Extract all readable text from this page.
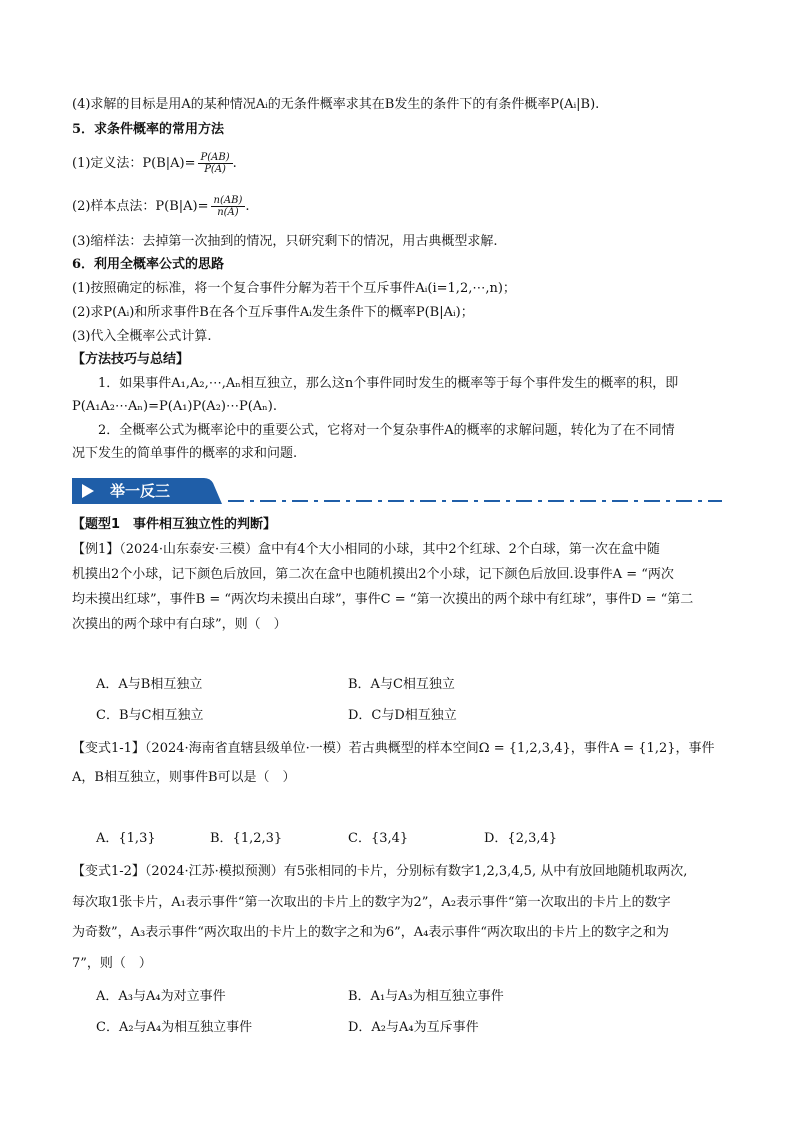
(4)求解的目标是用A的某种情况Aᵢ的无条件概率求其在B发生的条件下的有条件概率P(Aᵢ|B).
5．求条件概率的常用方法
(1)定义法：$P(B|A)= \frac{P(AB)}{P(A)}$ .
(2)样本点法：$P(B|A)= \frac{n(AB)}{n(A)}$ .
(3)缩样法：去掉第一次抽到的情况，只研究剩下的情况，用古典概型求解.
6．利用全概率公式的思路
(1)按照确定的标准，将一个复合事件分解为若干个互斥事件Aᵢ(i=1,2,⋯,n)；
(2)求P(Aᵢ)和所求事件B在各个互斥事件Aᵢ发生条件下的概率P(B|Aᵢ)；
(3)代入全概率公式计算.
【方法技巧与总结】
1．如果事件A₁,A₂,⋯,Aₙ相互独立，那么这n个事件同时发生的概率等于每个事件发生的概率的积，即
P(A₁A₂⋯Aₙ)=P(A₁)P(A₂)⋯P(Aₙ).
2．全概率公式为概率论中的重要公式，它将对一个复杂事件A的概率的求解问题，转化为了在不同情
况下发生的简单事件的概率的求和问题.
举一反三
【题型1　事件相互独立性的判断】
【例1】（2024·山东泰安·三模）盒中有4个大小相同的小球，其中2个红球、2个白球，第一次在盒中随
机摸出2个小球，记下颜色后放回，第二次在盒中也随机摸出2个小球，记下颜色后放回.设事件A = “两次
均未摸出红球”，事件B = “两次均未摸出白球”，事件C = “第一次摸出的两个球中有红球”，事件D = “第二
次摸出的两个球中有白球”，则（　）
A．A与B相互独立	B．A与C相互独立
C．B与C相互独立	D．C与D相互独立
【变式1-1】（2024·海南省直辖县级单位·一模）若古典概型的样本空间Ω = {1,2,3,4}，事件A = {1,2}，事件
A，B相互独立，则事件B可以是（　）
A．{1,3}	B．{1,2,3}	C．{3,4}	D．{2,3,4}
【变式1-2】（2024·江苏·模拟预测）有5张相同的卡片，分别标有数字1,2,3,4,5, 从中有放回地随机取两次,
每次取1张卡片，A₁表示事件“第一次取出的卡片上的数字为2”，A₂表示事件“第一次取出的卡片上的数字
为奇数”，A₃表示事件“两次取出的卡片上的数字之和为6”，A₄表示事件“两次取出的卡片上的数字之和为
7”，则（　）
A．A₃与A₄为对立事件	B．A₁与A₃为相互独立事件
C．A₂与A₄为相互独立事件	D．A₂与A₄为互斥事件
